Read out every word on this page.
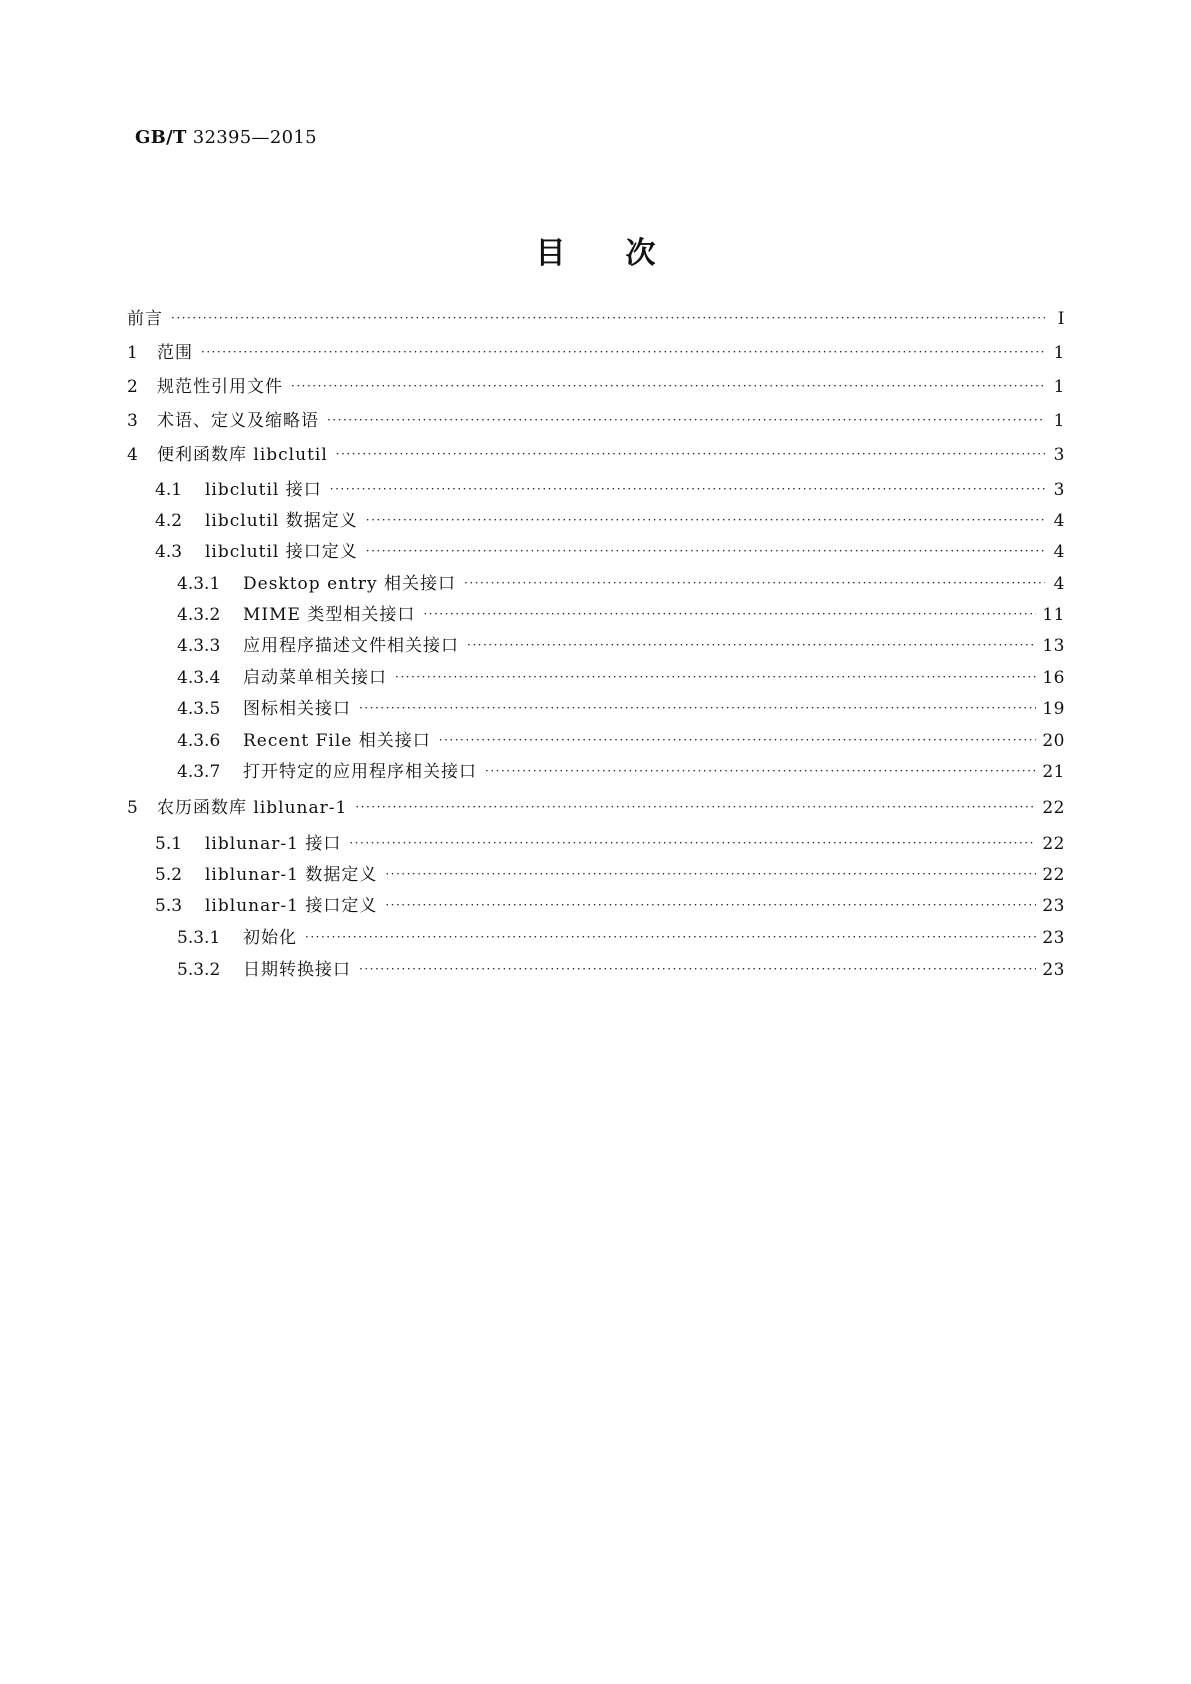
GB/T 32395—2015
目次
前言 ·····	Ⅰ
1	范围 ·····	1
2	规范性引用文件 ·····	1
3	术语、定义及缩略语 ·····	1
4	便利函数库 libclutil ·····	3
4.1	libclutil 接口 ·····	3
4.2	libclutil 数据定义 ·····	4
4.3	libclutil 接口定义 ·····	4
4.3.1	Desktop entry 相关接口 ·····	4
4.3.2	MIME 类型相关接口 ·····	11
4.3.3	应用程序描述文件相关接口 ·····	13
4.3.4	启动菜单相关接口 ·····	16
4.3.5	图标相关接口 ·····	19
4.3.6	Recent File 相关接口 ·····	20
4.3.7	打开特定的应用程序相关接口 ·····	21
5	农历函数库 liblunar-1 ·····	22
5.1	liblunar-1 接口 ·····	22
5.2	liblunar-1 数据定义 ·····	22
5.3	liblunar-1 接口定义 ·····	23
5.3.1	初始化 ·····	23
5.3.2	日期转换接口 ·····	23
